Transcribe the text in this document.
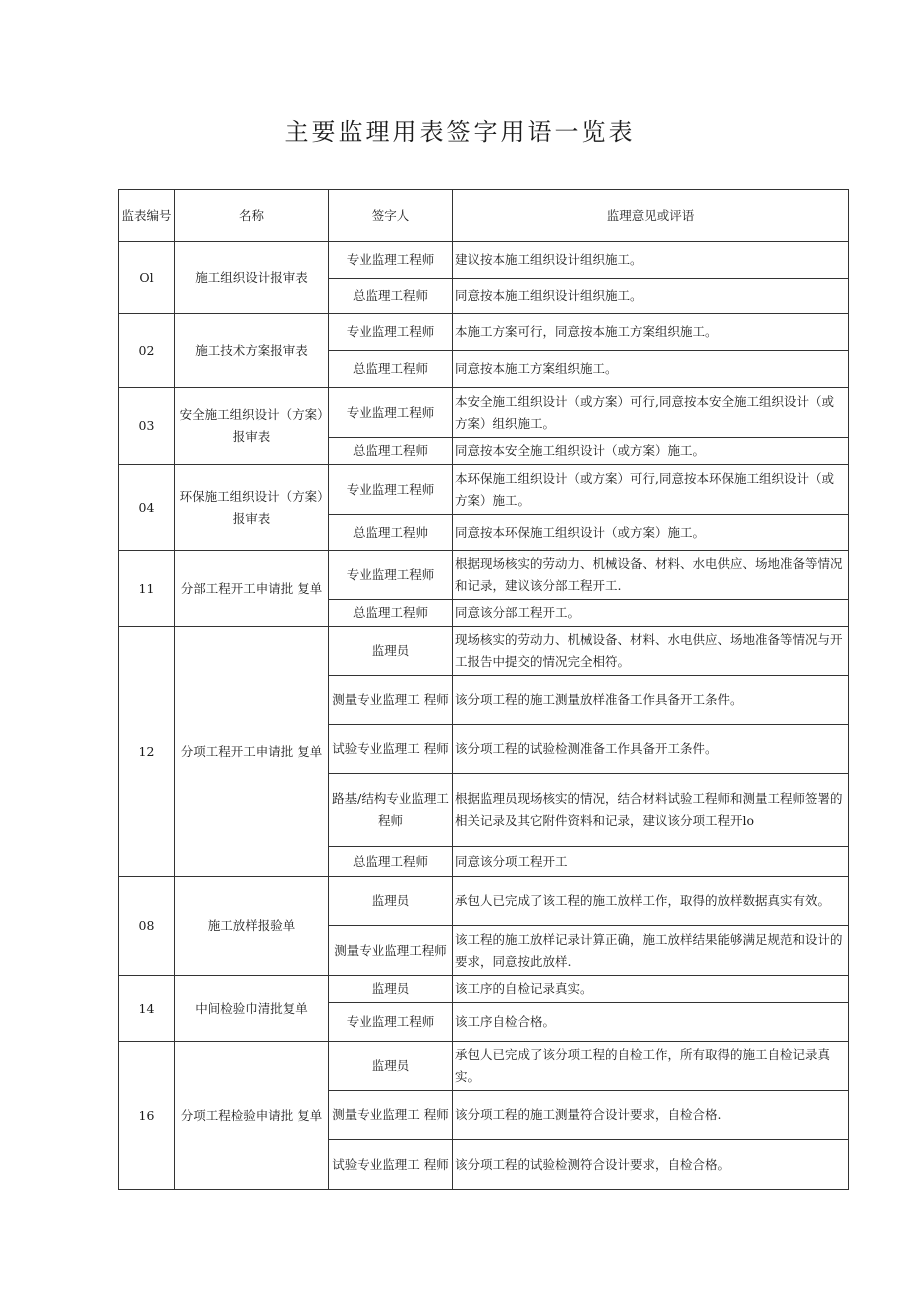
主要监理用表签字用语一览表
监表编号	名称	签字人	监理意见或评语
Ol	施工组织设计报审表	专业监理工程师	建议按本施工组织设计组织施工。
		总监理工程师	同意按本施工组织设计组织施工。
02	施工技术方案报审表	专业监理工程师	本施工方案可行，同意按本施工方案组织施工。
		总监理工程师	同意按本施工方案组织施工。
03	安全施工组织设计（方案）报审表	专业监理工程师	本安全施工组织设计（或方案）可行,同意按本安全施工组织设计（或方案）组织施工。
		总监理工程师	同意按本安全施工组织设计（或方案）施工。
04	环保施工组织设计（方案）报审表	专业监理工程师	本环保施工组织设计（或方案）可行,同意按本环保施工组织设计（或方案）施工。
		总监理工程帅	同意按本环保施工组织设计（或方案）施工。
11	分部工程开工申请批 复单	专业监理工程师	根据现场核实的劳动力、机械设备、材料、水电供应、场地准备等情况和记录，建议该分部工程开工.
		总监理工程师	同意该分部工程开工。
12	分项工程开工申请批 复单	监理员	现场核实的劳动力、机械设备、材料、水电供应、场地准备等情况与开工报告中提交的情况完全相符。
		测量专业监理工 程师	该分项工程的施工测量放样准备工作具备开工条件。
		试验专业监理工 程师	该分项工程的试验检测准备工作具备开工条件。
		路基/结构专业监理工程师	根据监理员现场核实的情况，结合材料试验工程师和测量工程师签署的相关记录及其它附件资料和记录，建议该分项工程开lo
		总监理工程师	同意该分项工程开工
08	施工放样报验单	监理员	承包人已完成了该工程的施工放样工作，取得的放样数据真实有效。
		测量专业监理工程师	该工程的施工放样记录计算正确，施工放样结果能够满足规范和设计的要求，同意按此放样.
14	中间检验巾清批复单	监理员	该工序的自检记录真实。
		专业监理工程师	该工序自检合格。
16	分项工程检验申请批 复单	监理员	承包人已完成了该分项工程的自检工作，所有取得的施工自检记录真实。
		测量专业监理工 程师	该分项工程的施工测量符合设计要求，自检合格.
		试验专业监理工 程师	该分项工程的试验检测符合设计要求，自检合格。
